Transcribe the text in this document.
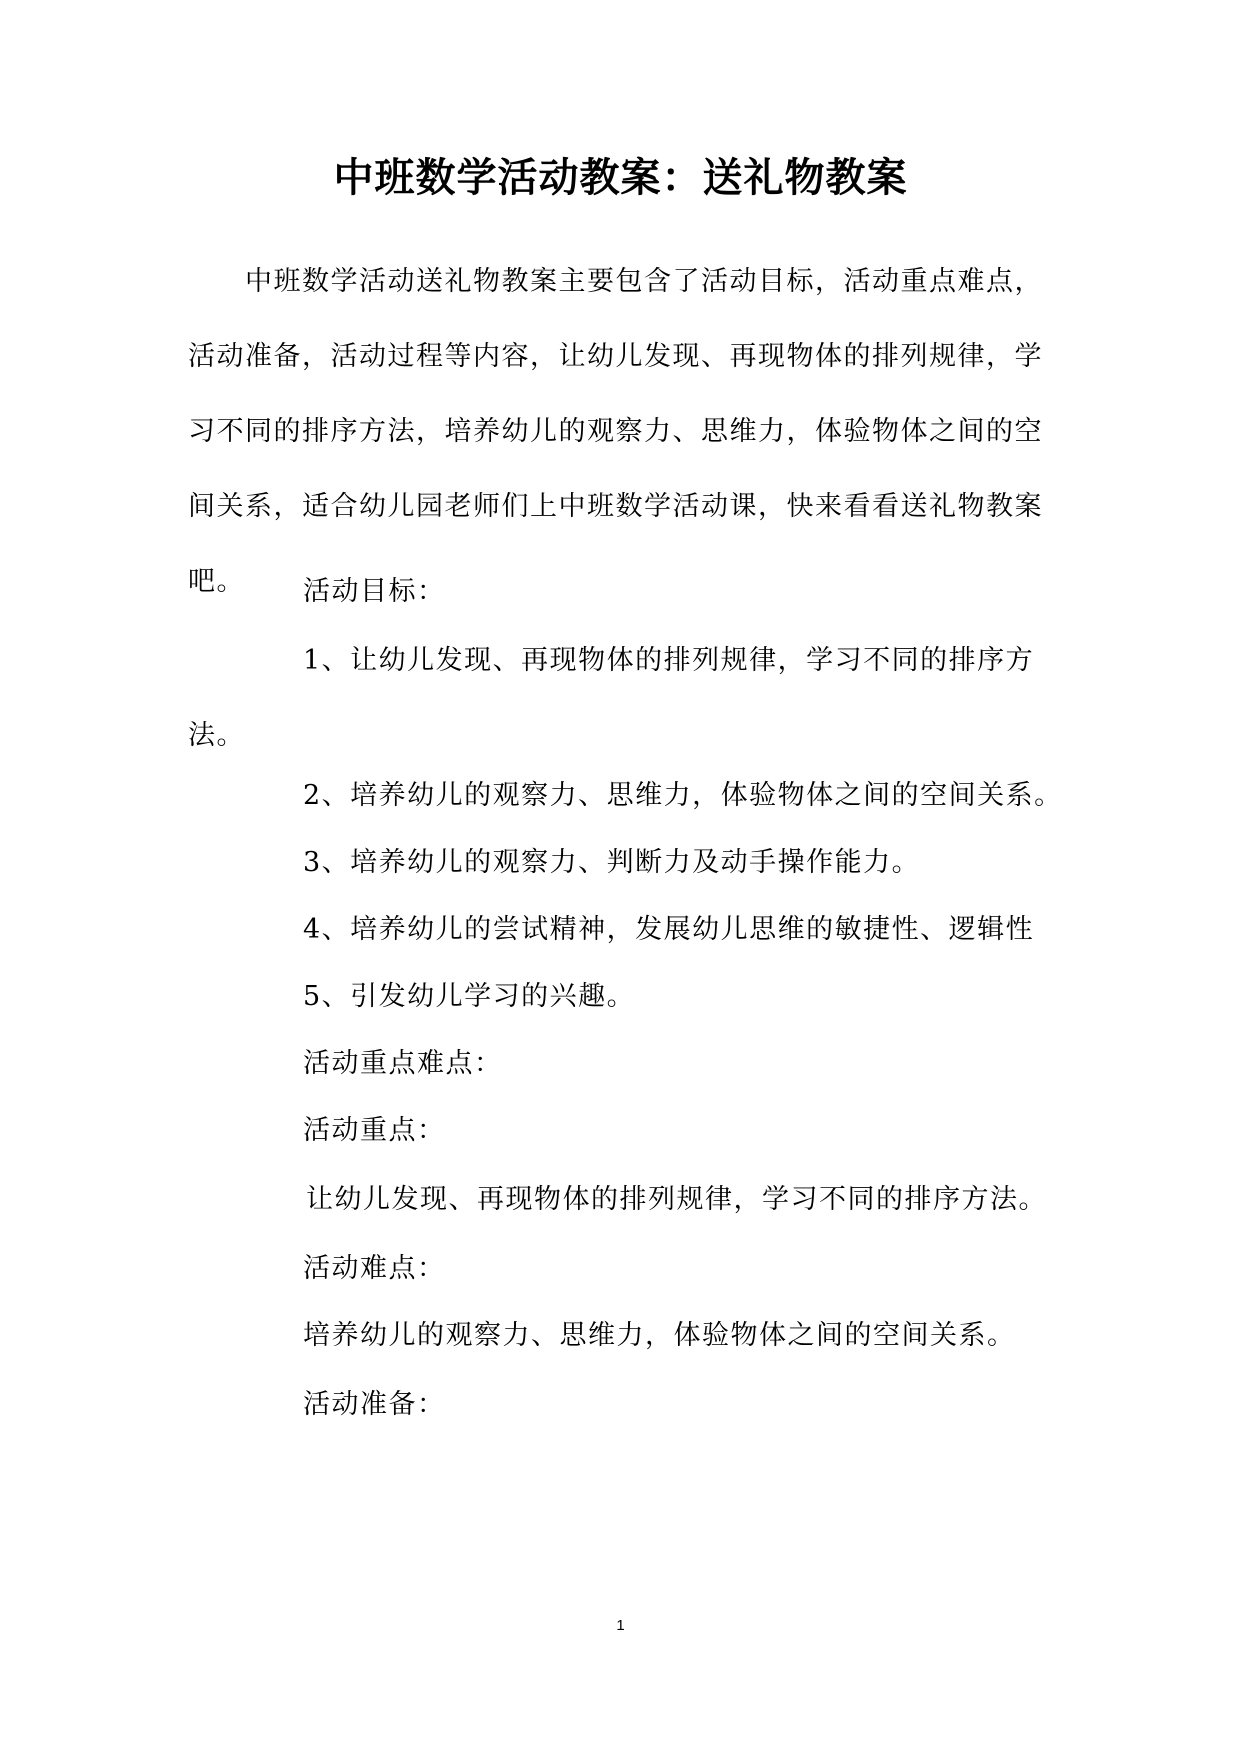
中班数学活动教案：送礼物教案

中班数学活动送礼物教案主要包含了活动目标，活动重点难点，活动准备，活动过程等内容，让幼儿发现、再现物体的排列规律，学习不同的排序方法，培养幼儿的观察力、思维力，体验物体之间的空间关系，适合幼儿园老师们上中班数学活动课，快来看看送礼物教案吧。	活动目标：

1、让幼儿发现、再现物体的排列规律，学习不同的排序方法。

2、培养幼儿的观察力、思维力，体验物体之间的空间关系。

3、培养幼儿的观察力、判断力及动手操作能力。

4、培养幼儿的尝试精神，发展幼儿思维的敏捷性、逻辑性

5、引发幼儿学习的兴趣。

活动重点难点：

活动重点：

让幼儿发现、再现物体的排列规律，学习不同的排序方法。

活动难点：

培养幼儿的观察力、思维力，体验物体之间的空间关系。

活动准备：

1
